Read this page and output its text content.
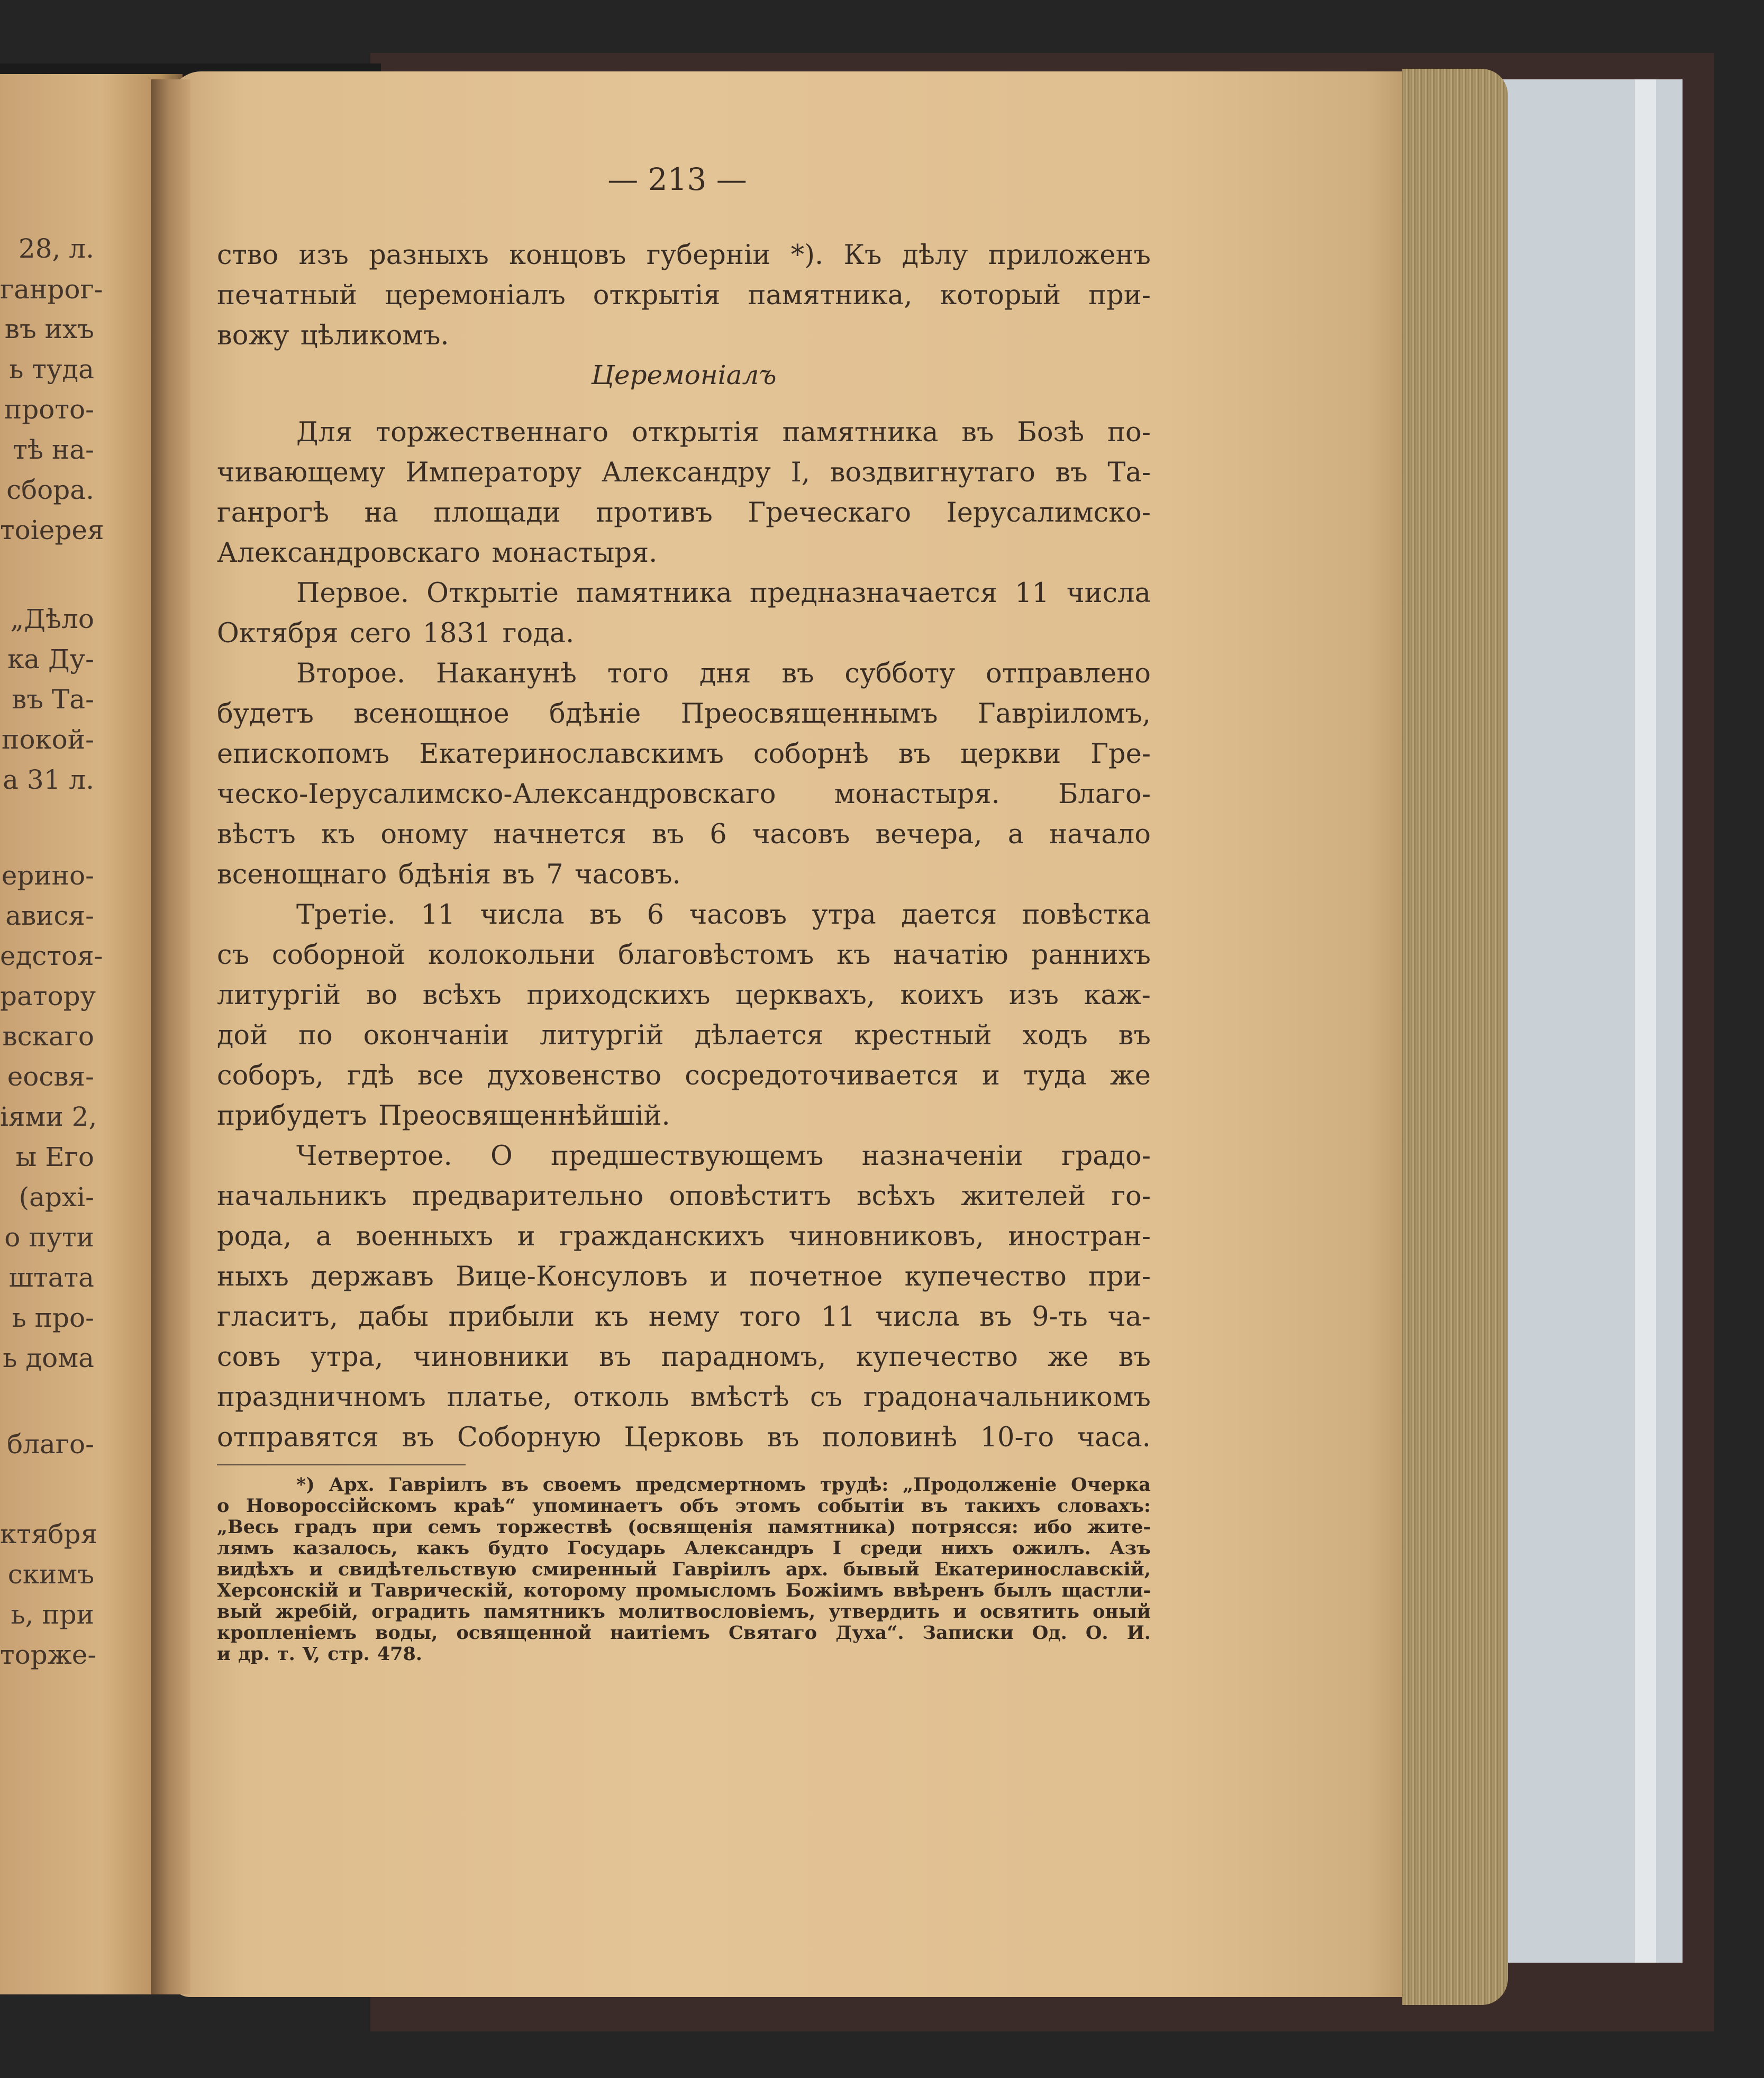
28, л.
ганрог-
въ ихъ
ь туда
прото-
тѣ на-
сбора.
тоіерея
„Дѣло
ка Ду-
въ Та-
покой-
а 31 л.
ерино-
авися-
едстоя-
ратору
вскаго
еосвя-
іями 2,
ы Его
(архі-
о пути
штата
ь про-
ь дома
благо-
ктября
скимъ
ь, при
торже-
— 213 —
ство изъ разныхъ концовъ губерніи *). Къ дѣлу приложенъ
печатный церемоніалъ открытія памятника, который при-
вожу цѣликомъ.
Церемоніалъ
Для торжественнаго открытія памятника въ Бозѣ по-
чивающему Императору Александру I, воздвигнутаго въ Та-
ганрогѣ на площади противъ Греческаго Іерусалимско-
Александровскаго монастыря.
Первое. Открытіе памятника предназначается 11 числа
Октября сего 1831 года.
Второе. Наканунѣ того дня въ субботу отправлено
будетъ всенощное бдѣніе Преосвященнымъ Гавріиломъ,
епископомъ Екатеринославскимъ соборнѣ въ церкви Гре-
ческо-Іерусалимско-Александровскаго монастыря. Благо-
вѣстъ къ оному начнется въ 6 часовъ вечера, а начало
всенощнаго бдѣнія въ 7 часовъ.
Третіе. 11 числа въ 6 часовъ утра дается повѣстка
съ соборной колокольни благовѣстомъ къ начатію раннихъ
литургій во всѣхъ приходскихъ церквахъ, коихъ изъ каж-
дой по окончаніи литургій дѣлается крестный ходъ въ
соборъ, гдѣ все духовенство сосредоточивается и туда же
прибудетъ Преосвященнѣйшій.
Четвертое. О предшествующемъ назначеніи градо-
начальникъ предварительно оповѣститъ всѣхъ жителей го-
рода, а военныхъ и гражданскихъ чиновниковъ, иностран-
ныхъ державъ Вице-Консуловъ и почетное купечество при-
гласитъ, дабы прибыли къ нему того 11 числа въ 9-ть ча-
совъ утра, чиновники въ парадномъ, купечество же въ
праздничномъ платье, отколь вмѣстѣ съ градоначальникомъ
отправятся въ Соборную Церковь въ половинѣ 10-го часа.
*) Арх. Гавріилъ въ своемъ предсмертномъ трудѣ: „Продолженіе Очерка
о Новороссійскомъ краѣ“ упоминаетъ объ этомъ событіи въ такихъ словахъ:
„Весь градъ при семъ торжествѣ (освященія памятника) потрясся: ибо жите-
лямъ казалось, какъ будто Государь Александръ I среди нихъ ожилъ. Азъ
видѣхъ и свидѣтельствую смиренный Гавріилъ арх. бывый Екатеринославскій,
Херсонскій и Таврическій, которому промысломъ Божіимъ ввѣренъ былъ щастли-
вый жребій, оградить памятникъ молитвословіемъ, утвердить и освятить оный
кропленіемъ воды, освященной наитіемъ Святаго Духа“. Записки Од. О. И.
и др. т. V, стр. 478.
